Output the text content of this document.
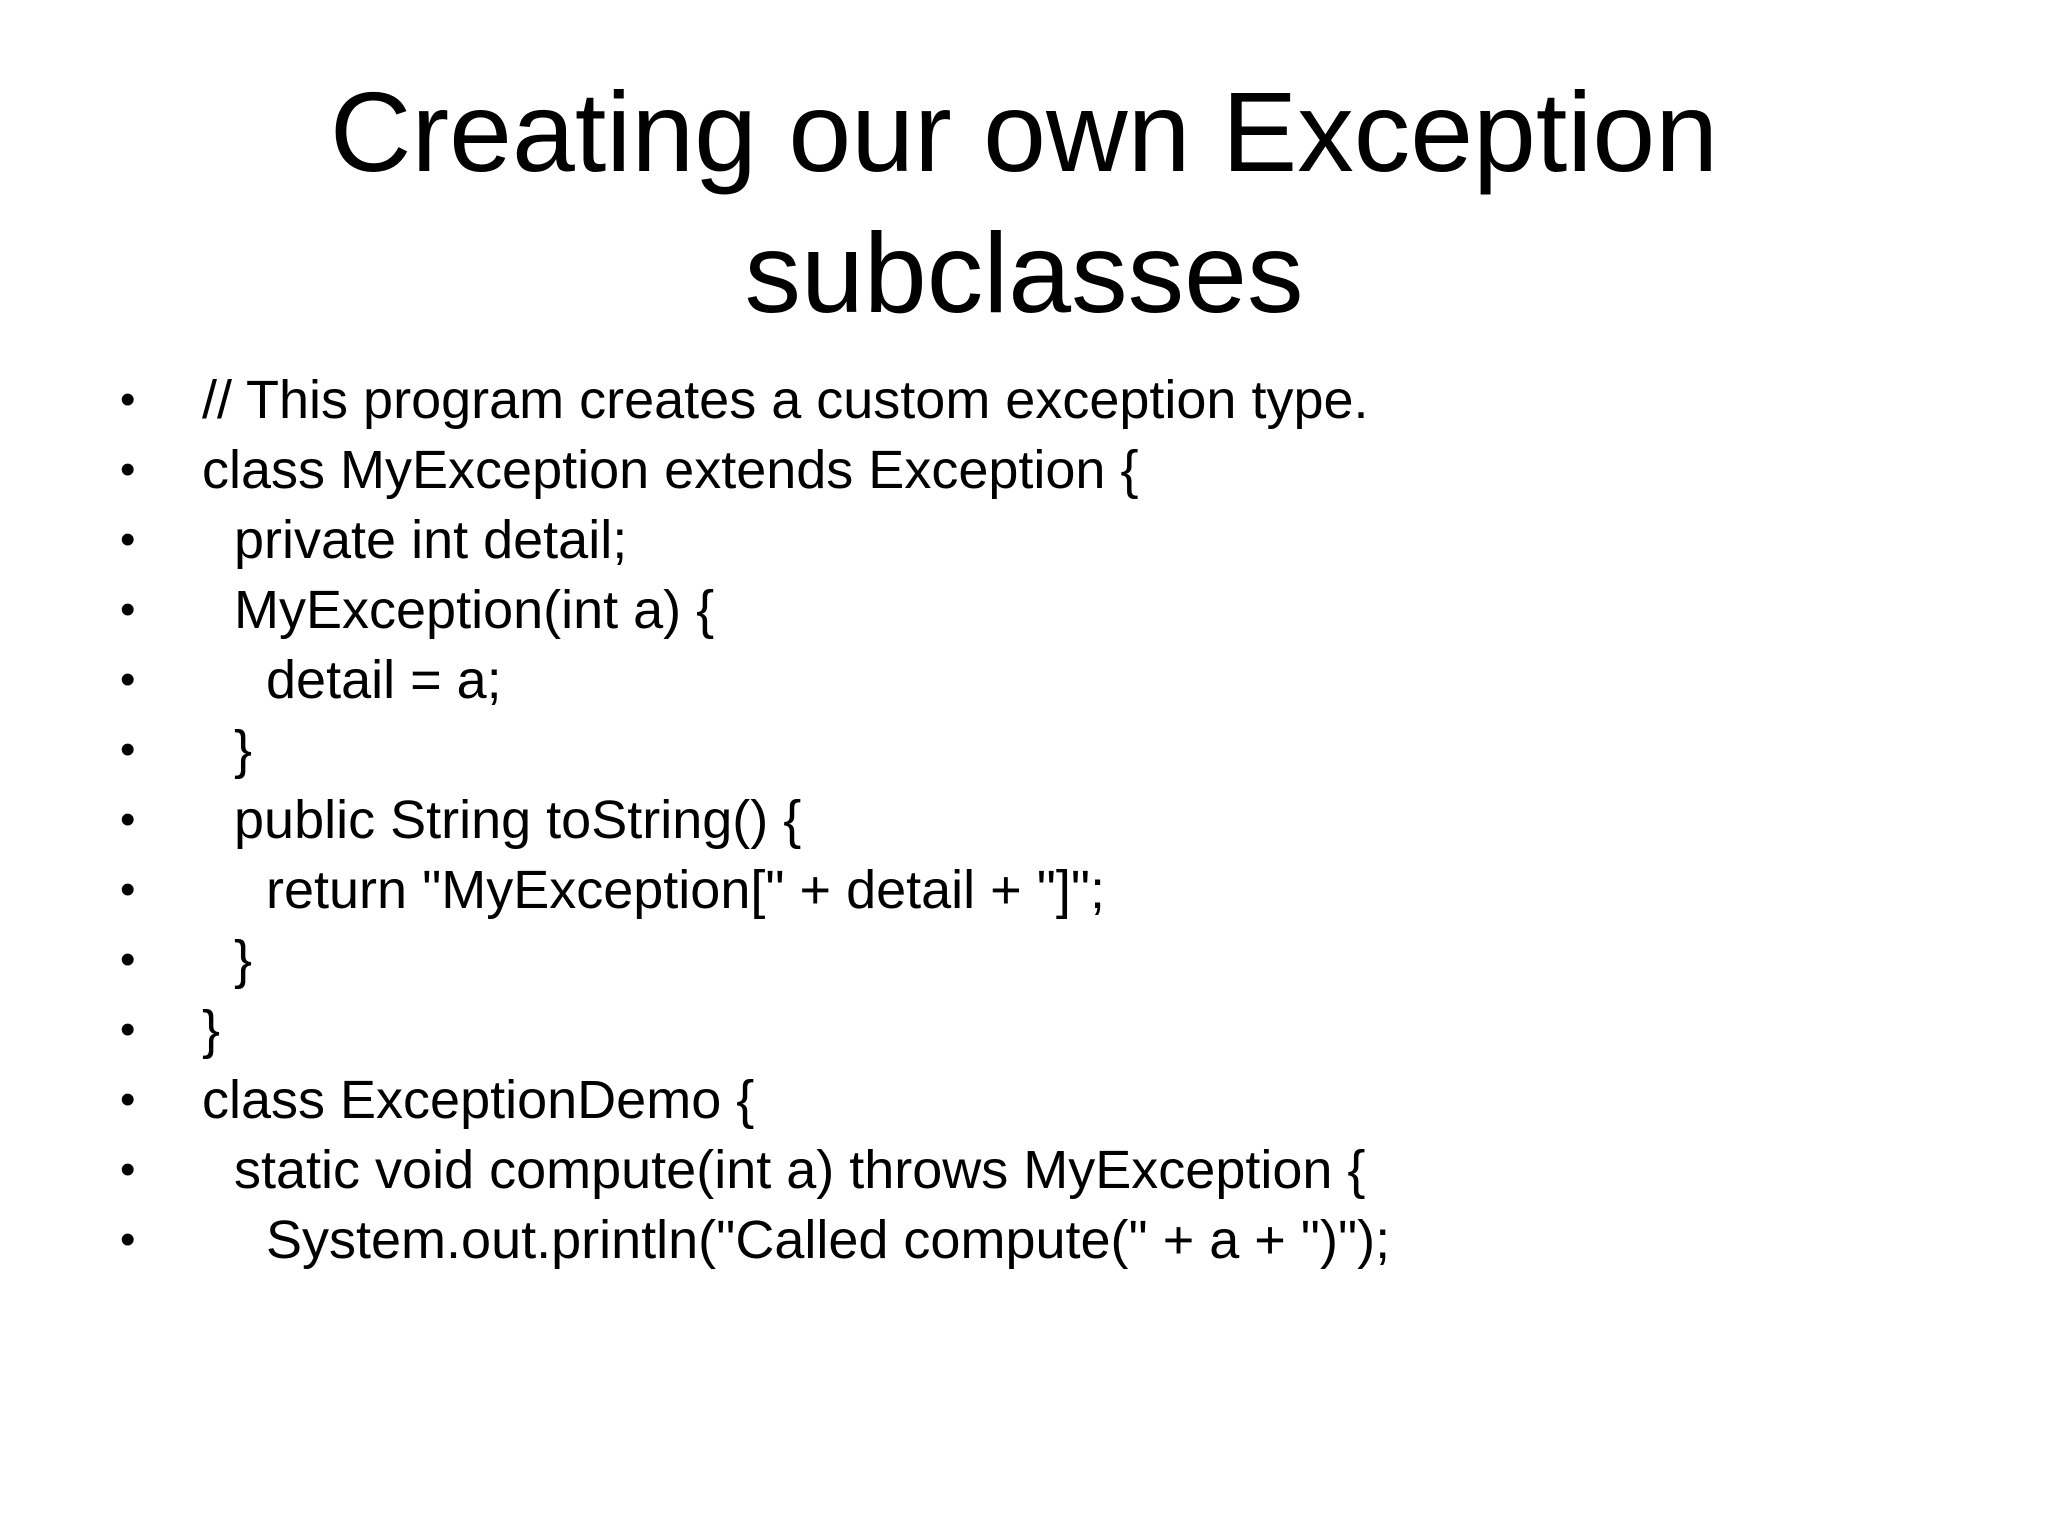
Creating our own Exception
subclasses
•	// This program creates a custom exception type.
•	class MyException extends Exception {
•	private int detail;
•	MyException(int a) {
•	detail = a;
•	}
•	public String toString() {
•	return "MyException[" + detail + "]";
•	}
•	}
•	class ExceptionDemo {
•	static void compute(int a) throws MyException {
•	System.out.println("Called compute(" + a + ")");
